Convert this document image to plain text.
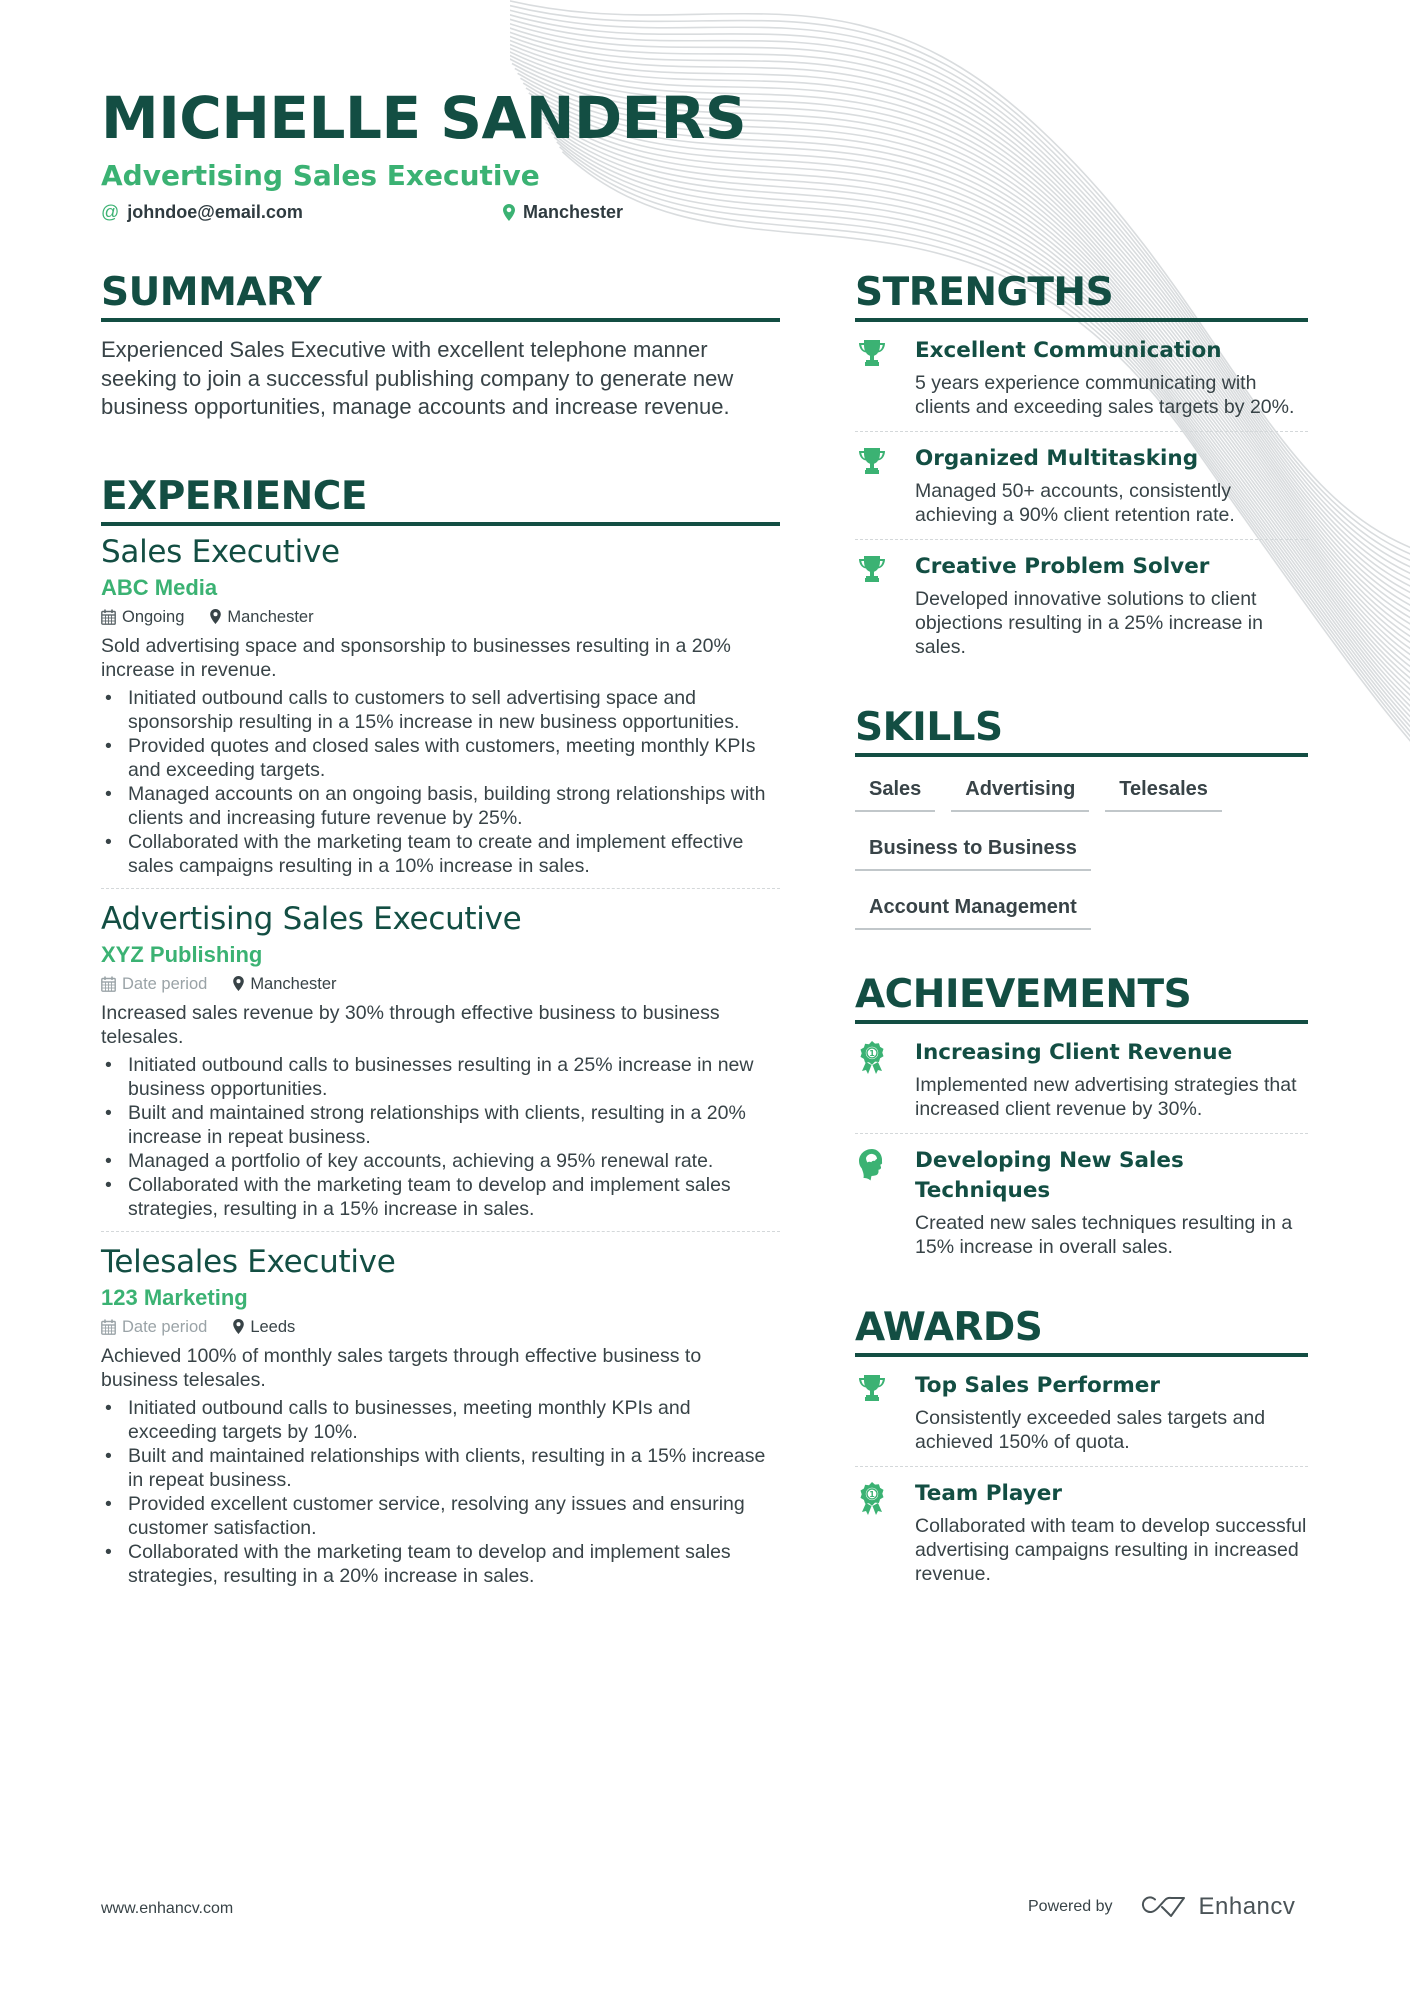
MICHELLE SANDERS
Advertising Sales Executive
@ johndoe@email.com	Manchester
SUMMARY

Experienced Sales Executive with excellent telephone manner seeking to join a successful publishing company to generate new business opportunities, manage accounts and increase revenue.

EXPERIENCE
Sales Executive
ABC Media
Ongoing	Manchester

Sold advertising space and sponsorship to businesses resulting in a 20% increase in revenue.

• Initiated outbound calls to customers to sell advertising space and sponsorship resulting in a 15% increase in new business opportunities.
• Provided quotes and closed sales with customers, meeting monthly KPIs and exceeding targets.
• Managed accounts on an ongoing basis, building strong relationships with clients and increasing future revenue by 25%.
• Collaborated with the marketing team to create and implement effective sales campaigns resulting in a 10% increase in sales.
Advertising Sales Executive
XYZ Publishing
Date period	Manchester

Increased sales revenue by 30% through effective business to business telesales.

• Initiated outbound calls to businesses resulting in a 25% increase in new business opportunities.
• Built and maintained strong relationships with clients, resulting in a 20% increase in repeat business.
• Managed a portfolio of key accounts, achieving a 95% renewal rate.
• Collaborated with the marketing team to develop and implement sales strategies, resulting in a 15% increase in sales.
Telesales Executive
123 Marketing
Date period	Leeds

Achieved 100% of monthly sales targets through effective business to business telesales.

• Initiated outbound calls to businesses, meeting monthly KPIs and exceeding targets by 10%.
• Built and maintained relationships with clients, resulting in a 15% increase in repeat business.
• Provided excellent customer service, resolving any issues and ensuring customer satisfaction.
• Collaborated with the marketing team to develop and implement sales strategies, resulting in a 20% increase in sales.
STRENGTHS
Excellent Communication
5 years experience communicating with clients and exceeding sales targets by 20%.
Organized Multitasking
Managed 50+ accounts, consistently achieving a 90% client retention rate.
Creative Problem Solver
Developed innovative solutions to client objections resulting in a 25% increase in sales.
SKILLS
Sales	Advertising	Telesales
Business to Business
Account Management
ACHIEVEMENTS
1 Increasing Client Revenue
Implemented new advertising strategies that increased client revenue by 30%.
Developing New Sales Techniques
Created new sales techniques resulting in a 15% increase in overall sales.
AWARDS
Top Sales Performer
Consistently exceeded sales targets and achieved 150% of quota.
1 Team Player
Collaborated with team to develop successful advertising campaigns resulting in increased revenue.
www.enhancv.com	Powered by	Enhancv
